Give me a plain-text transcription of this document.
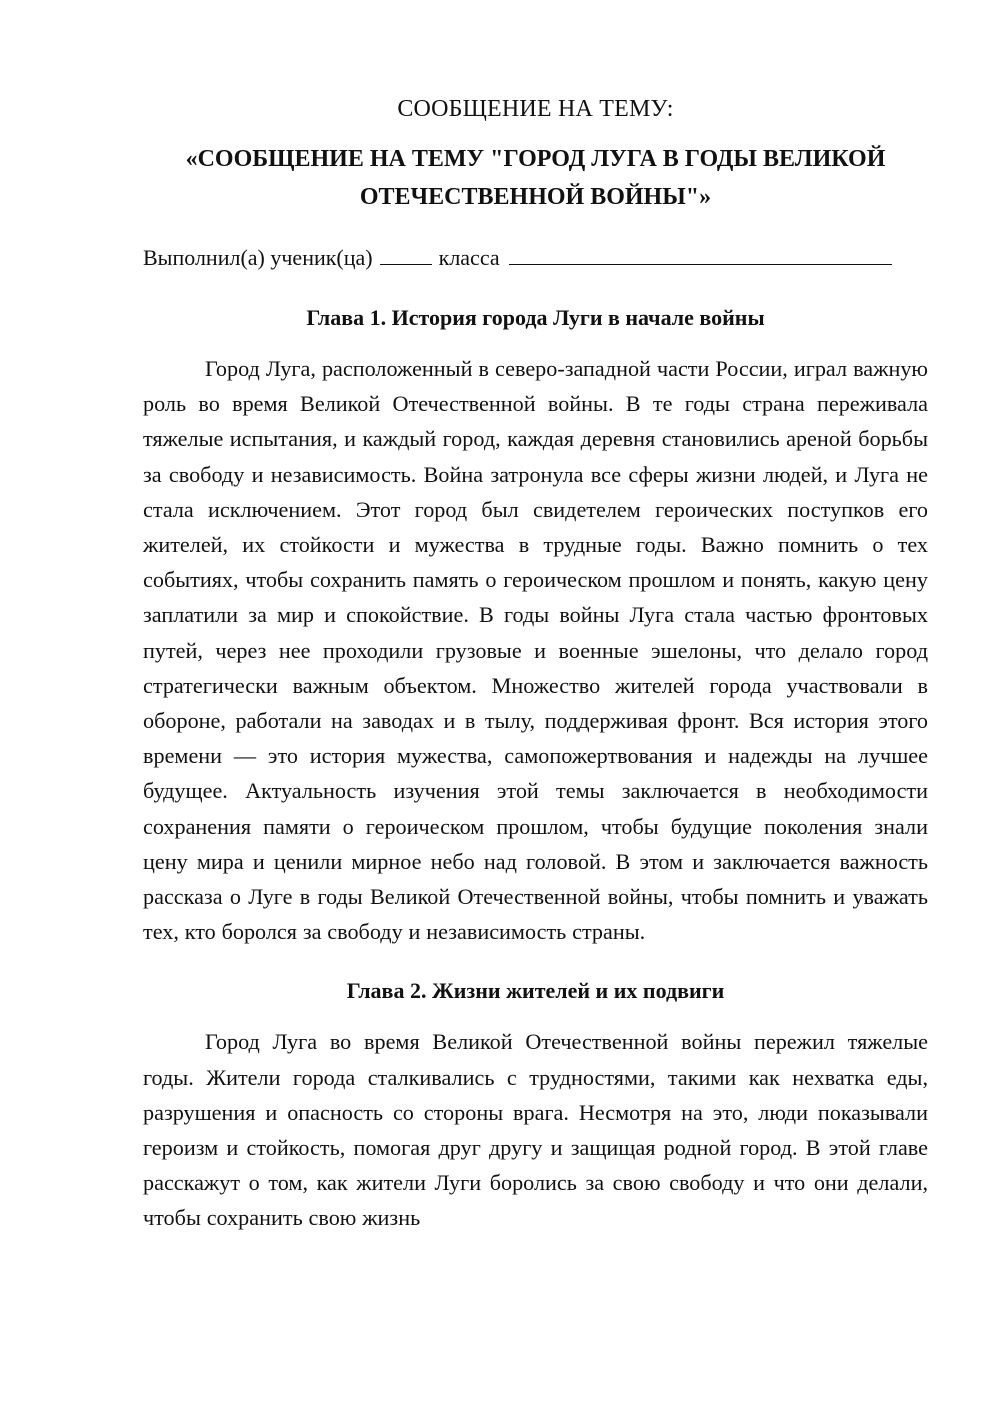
СООБЩЕНИЕ НА ТЕМУ:

«СООБЩЕНИЕ НА ТЕМУ "ГОРОД ЛУГА В ГОДЫ ВЕЛИКОЙ ОТЕЧЕСТВЕННОЙ ВОЙНЫ"»

Выполнил(а) ученик(ца)	класса

Глава 1. История города Луги в начале войны

Город Луга, расположенный в северо-западной части России, играл важную роль во время Великой Отечественной войны. В те годы страна переживала тяжелые испытания, и каждый город, каждая деревня становились ареной борьбы за свободу и независимость. Война затронула все сферы жизни людей, и Луга не стала исключением. Этот город был свидетелем героических поступков его жителей, их стойкости и мужества в трудные годы. Важно помнить о тех событиях, чтобы сохранить память о героическом прошлом и понять, какую цену заплатили за мир и спокойствие. В годы войны Луга стала частью фронтовых путей, через нее проходили грузовые и военные эшелоны, что делало город стратегически важным объектом. Множество жителей города участвовали в обороне, работали на заводах и в тылу, поддерживая фронт. Вся история этого времени — это история мужества, самопожертвования и надежды на лучшее будущее. Актуальность изучения этой темы заключается в необходимости сохранения памяти о героическом прошлом, чтобы будущие поколения знали цену мира и ценили мирное небо над головой. В этом и заключается важность рассказа о Луге в годы Великой Отечественной войны, чтобы помнить и уважать тех, кто боролся за свободу и независимость страны.

Глава 2. Жизни жителей и их подвиги

Город Луга во время Великой Отечественной войны пережил тяжелые годы. Жители города сталкивались с трудностями, такими как нехватка еды, разрушения и опасность со стороны врага. Несмотря на это, люди показывали героизм и стойкость, помогая друг другу и защищая родной город. В этой главе расскажут о том, как жители Луги боролись за свою свободу и что они делали, чтобы сохранить свою жизнь
